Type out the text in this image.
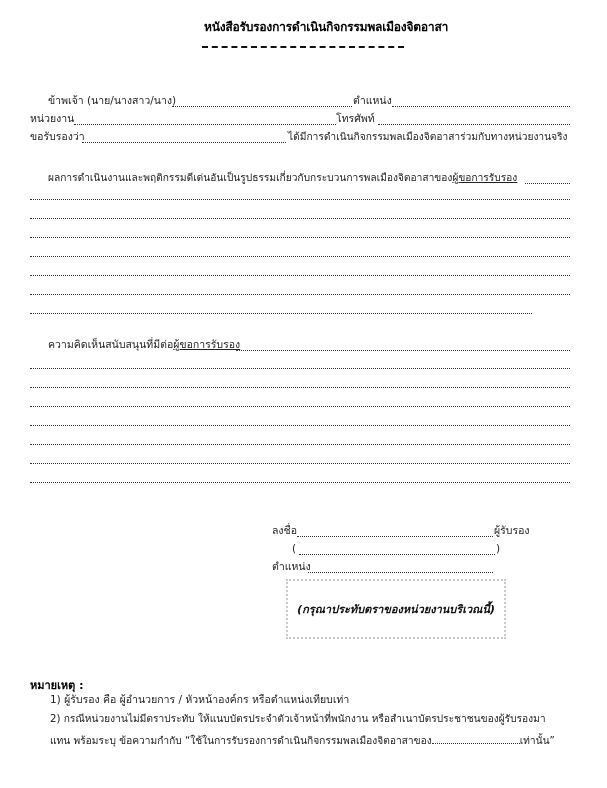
หนังสือรับรองการดำเนินกิจกรรมพลเมืองจิตอาสา
ข้าพเจ้า (นาย/นางสาว/นาง)	ตำแหน่ง
หน่วยงาน	โทรศัพท์
ขอรับรองว่า	ได้มีการดำเนินกิจกรรมพลเมืองจิตอาสาร่วมกับทางหน่วยงานจริง
ผลการดำเนินงานและพฤติกรรมดีเด่นอันเป็นรูปธรรมเกี่ยวกับกระบวนการพลเมืองจิตอาสาของผู้ขอการรับรอง
ความคิดเห็นสนับสนุนที่มีต่อผู้ขอการรับรอง
ลงชื่อ	ผู้รับรอง
(	)
ตำแหน่ง
(กรุณาประทับตราของหน่วยงานบริเวณนี้)
หมายเหตุ :
1) ผู้รับรอง คือ ผู้อำนวยการ / หัวหน้าองค์กร หรือตำแหน่งเทียบเท่า
2) กรณีหน่วยงานไม่มีตราประทับ ให้แนบบัตรประจำตัวเจ้าหน้าที่พนักงาน หรือสำเนาบัตรประชาชนของผู้รับรองมา
แทน พร้อมระบุ ข้อความกำกับ “ใช้ในการรับรองการดำเนินกิจกรรมพลเมืองจิตอาสาของ	เท่านั้น”
